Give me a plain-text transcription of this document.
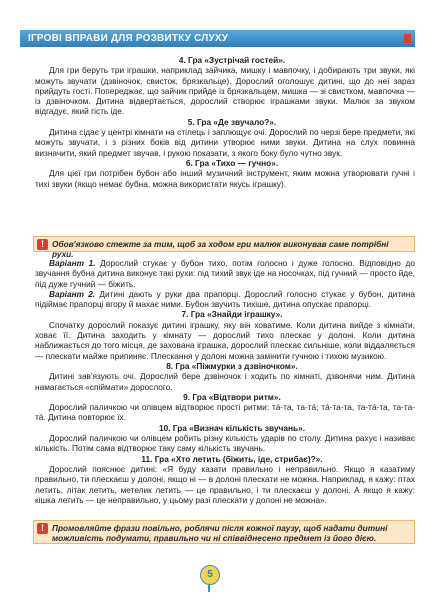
ІГРОВІ ВПРАВИ ДЛЯ РОЗВИТКУ СЛУХУ

4. Гра «Зустрічай гостей».

Для гри беруть три іграшки, наприклад зайчика, мишку і мавпочку, і добирають три звуки, які можуть звучати (дзвіночок, свисток, брязкальце). Дорослий оголошує дитині, що до неї зараз прийдуть гості. Попереджає, що зайчик прийде із брязкальцем, мишка — зі свистком, мавпочка — із дзвіночком. Дитина відвертається, дорослий створює іграшками звуки. Малюк за звуком відгадує, який гість іде.

5. Гра «Де звучало?».

Дитина сідає у центрі кімнати на стілець і заплющує очі. Дорослий по черзі бере предмети, які можуть звучати, і з різних боків від дитини утворює ними звуки. Дитина на слух повинна визначити, який предмет звучав, і рукою показати, з якого боку було чутно звук.

6. Гра «Тихо — гучно».

Для цієї гри потрібен бубон або інший музичний інструмент, яким можна утворювати гучні і тихі звуки (якщо немає бубна, можна використати якусь іграшку).

! Обов'язково стежте за тим, щоб за ходом гри малюк виконував саме потрібні рухи.

Варіант 1. Дорослий стукає у бубон тихо, потім голосно і дуже голосно. Відповідно до звучання бубна дитина виконує такі рухи: під тихий звук іде на носочках, під гучний — просто йде, під дуже гучний — біжить.

Варіант 2. Дитині дають у руки два прапорці. Дорослий голосно стукає у бубон, дитина підіймає прапорці вгору й махає ними. Бубон звучить тихіше, дитина опускає прапорці.

7. Гра «Знайди іграшку».

Спочатку дорослий показує дитині іграшку, яку він ховатиме. Коли дитина вийде з кімнати, ховає її. Дитина заходить у кімнату — дорослий тихо плескає у долоні. Коли дитина наближається до того місця, де захована іграшка, дорослий плескає сильніше, коли віддаляється — плескати майже припиняє. Плескання у долоні можна замінити гучною і тихою музикою.

8. Гра «Піжмурки з дзвіночком».

Дитині зав'язують очі. Дорослий бере дзвіночок і ходить по кімнаті, дзвонячи ним. Дитина намагається «спіймати» дорослого.

9. Гра «Відтвори ритм».

Дорослий паличкою чи олівцем відтворює прості ритми: тá-та, та-тá; тá-та-та, та-тá-та, та-та-тá. Дитина повторює їх.

10. Гра «Визнач кількість звучань».

Дорослий паличкою чи олівцем робить різну кількість ударів по столу. Дитина рахує і називає кількість. Потім сама відтворює таку саму кількість звучань.

11. Гра «Хто летить (біжить, іде, стрибає)?».

Дорослий пояснює дитині: «Я буду казати правильно і неправильно. Якщо я казатиму правильно, ти плескаєш у долоні, якщо ні — в долоні плескати не можна. Наприклад, я кажу: птах летить, літак летить, метелик летить — це правильно, і ти плескаєш у долоні. А якщо я кажу: кішка летить — це неправильно, у цьому разі плескати у долоні не можна».

! Промовляйте фрази повільно, роблячи після кожної паузу, щоб надати дитині можливість подумати, правильно чи ні співвіднесено предмет із його дією.
5
